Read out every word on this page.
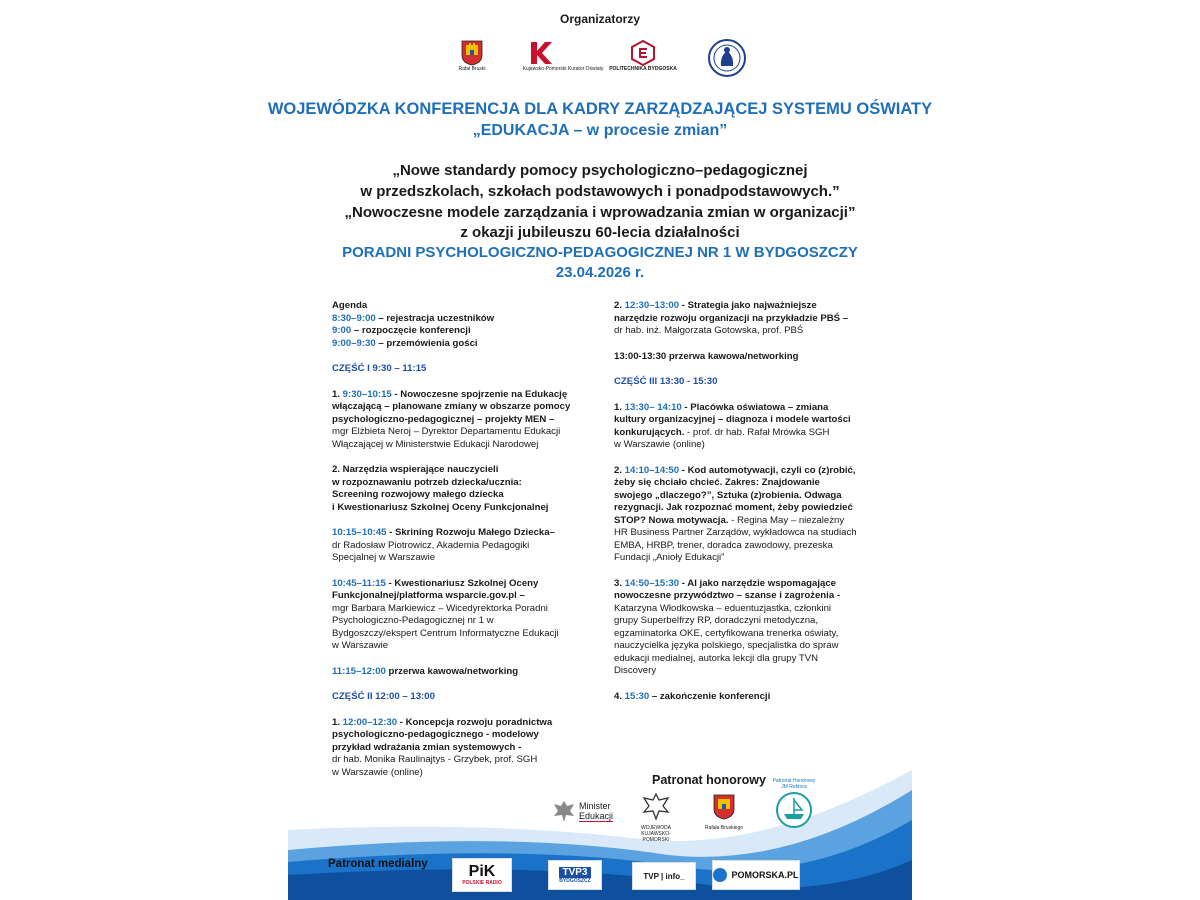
Organizatorzy
Rafał Bruski	Kujawsko-Pomorski Kurator Oświaty POLITECHNIKA BYDGOSKA
WOJEWÓDZKA KONFERENCJA DLA KADRY ZARZĄDZAJĄCEJ SYSTEMU OŚWIATY
„EDUKACJA – w procesie zmian”
„Nowe standardy pomocy psychologiczno–pedagogicznej
w przedszkolach, szkołach podstawowych i ponadpodstawowych.”
„Nowoczesne modele zarządzania i wprowadzania zmian w organizacji”
z okazji jubileuszu 60-lecia działalności
PORADNI PSYCHOLOGICZNO-PEDAGOGICZNEJ NR 1 W BYDGOSZCZY
23.04.2026 r.

Agenda

8:30–9:00 – rejestracja uczestników

9:00 – rozpoczęcie konferencji

9:00–9:30 – przemówienia gości

CZĘŚĆ I 9:30 – 11:15

1. 9:30–10:15 - Nowoczesne spojrzenie na Edukację

włączającą – planowane zmiany w obszarze pomocy

psychologiczno-pedagogicznej – projekty MEN –

mgr Elżbieta Neroj – Dyrektor Departamentu Edukacji

Włączającej w Ministerstwie Edukacji Narodowej

2. Narzędzia wspierające nauczycieli

w rozpoznawaniu potrzeb dziecka/ucznia:

Screening rozwojowy małego dziecka

i Kwestionariusz Szkolnej Oceny Funkcjonalnej

10:15–10:45 - Skrining Rozwoju Małego Dziecka–

dr Radosław Piotrowicz, Akademia Pedagogiki

Specjalnej w Warszawie

10:45–11:15 - Kwestionariusz Szkolnej Oceny

Funkcjonalnej/platforma wsparcie.gov.pl –

mgr Barbara Markiewicz – Wicedyrektorka Poradni

Psychologiczno-Pedagogicznej nr 1 w

Bydgoszczy/ekspert Centrum Informatyczne Edukacji

w Warszawie

11:15–12:00 przerwa kawowa/networking

CZĘŚĆ II 12:00 – 13:00

1. 12:00–12:30 - Koncepcja rozwoju poradnictwa

psychologiczno-pedagogicznego - modelowy

przykład wdrażania zmian systemowych -

dr hab. Monika Raulinajtys - Grzybek, prof. SGH

w Warszawie (online)

2. 12:30–13:00 - Strategia jako najważniejsze

narzędzie rozwoju organizacji na przykładzie PBŚ –

dr hab. inż. Małgorzata Gotowska, prof. PBŚ

13:00-13:30 przerwa kawowa/networking

CZĘŚĆ III 13:30 - 15:30

1. 13:30– 14:10 - Placówka oświatowa – zmiana

kultury organizacyjnej – diagnoza i modele wartości

konkurujących. - prof. dr hab. Rafał Mrówka SGH

w Warszawie (online)

2. 14:10–14:50 - Kod automotywacji, czyli co (z)robić,

żeby się chciało chcieć. Zakres: Znajdowanie

swojego „dlaczego?”, Sztuka (z)robienia. Odwaga

rezygnacji. Jak rozpoznać moment, żeby powiedzieć

STOP? Nowa motywacja. - Regina May – niezależny

HR Business Partner Zarządów, wykładowca na studiach

EMBA, HRBP, trener, doradca zawodowy, prezeska

Fundacji „Anioły Edukacji”

3. 14:50–15:30 - AI jako narzędzie wspomagające

nowoczesne przywództwo – szanse i zagrożenia -

Katarzyna Włodkowska – eduentuzjastka, członkini

grupy Superbelfrzy RP, doradczyni metodyczna,

egzaminatorka OKE, certyfikowana trenerka oświaty,

nauczycielka języka polskiego, specjalistka do spraw

edukacji medialnej, autorka lekcji dla grupy TVN

Discovery

4. 15:30 – zakończenie konferencji

Patronat honorowy
Minister
Edukacji
WOJEWODA
KUJAWSKO-POMORSKI
Rafała Bruskiego
Patronat Honorowy
JM Rektora
Patronat medialny	PiK
POLSKIE RADIO
TVP3
BYDGOSZCZ	TVP | info_	POMORSKA.PL
